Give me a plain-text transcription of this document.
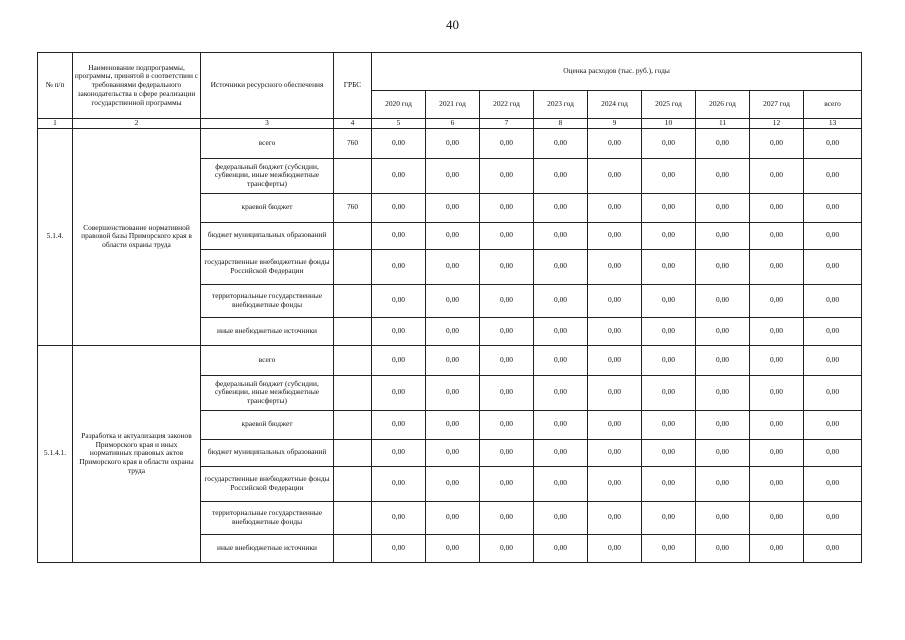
40
№ п/п	Наименование подпрограммы, программы, принятой в соответствии с требованиями федерального законодательства в сфере реализации государственной программы	Источники ресурсного обеспечения	ГРБС	Оценка расходов (тыс. руб.), годы								
				2020 год	2021 год	2022 год	2023 год	2024 год	2025 год	2026 год	2027 год	всего
1	2	3	4	5	6	7	8	9	10	11	12	13
5.1.4.	Совершенствование нормативной правовой базы Приморского края в области охраны труда	всего	760	0,00	0,00	0,00	0,00	0,00	0,00	0,00	0,00	0,00
		федеральный бюджет (субсидии, субвенции, иные межбюджетные трансферты)		0,00	0,00	0,00	0,00	0,00	0,00	0,00	0,00	0,00
		краевой бюджет	760	0,00	0,00	0,00	0,00	0,00	0,00	0,00	0,00	0,00
		бюджет муниципальных образований		0,00	0,00	0,00	0,00	0,00	0,00	0,00	0,00	0,00
		государственные внебюджетные фонды Российской Федерации		0,00	0,00	0,00	0,00	0,00	0,00	0,00	0,00	0,00
		территориальные государственные внебюджетные фонды		0,00	0,00	0,00	0,00	0,00	0,00	0,00	0,00	0,00
		иные внебюджетные источники		0,00	0,00	0,00	0,00	0,00	0,00	0,00	0,00	0,00
5.1.4.1.	Разработка и актуализация законов Приморского края и иных нормативных правовых актов Приморского края в области охраны труда	всего		0,00	0,00	0,00	0,00	0,00	0,00	0,00	0,00	0,00
		федеральный бюджет (субсидии, субвенции, иные межбюджетные трансферты)		0,00	0,00	0,00	0,00	0,00	0,00	0,00	0,00	0,00
		краевой бюджет		0,00	0,00	0,00	0,00	0,00	0,00	0,00	0,00	0,00
		бюджет муниципальных образований		0,00	0,00	0,00	0,00	0,00	0,00	0,00	0,00	0,00
		государственные внебюджетные фонды Российской Федерации		0,00	0,00	0,00	0,00	0,00	0,00	0,00	0,00	0,00
		территориальные государственные внебюджетные фонды		0,00	0,00	0,00	0,00	0,00	0,00	0,00	0,00	0,00
		иные внебюджетные источники		0,00	0,00	0,00	0,00	0,00	0,00	0,00	0,00	0,00
